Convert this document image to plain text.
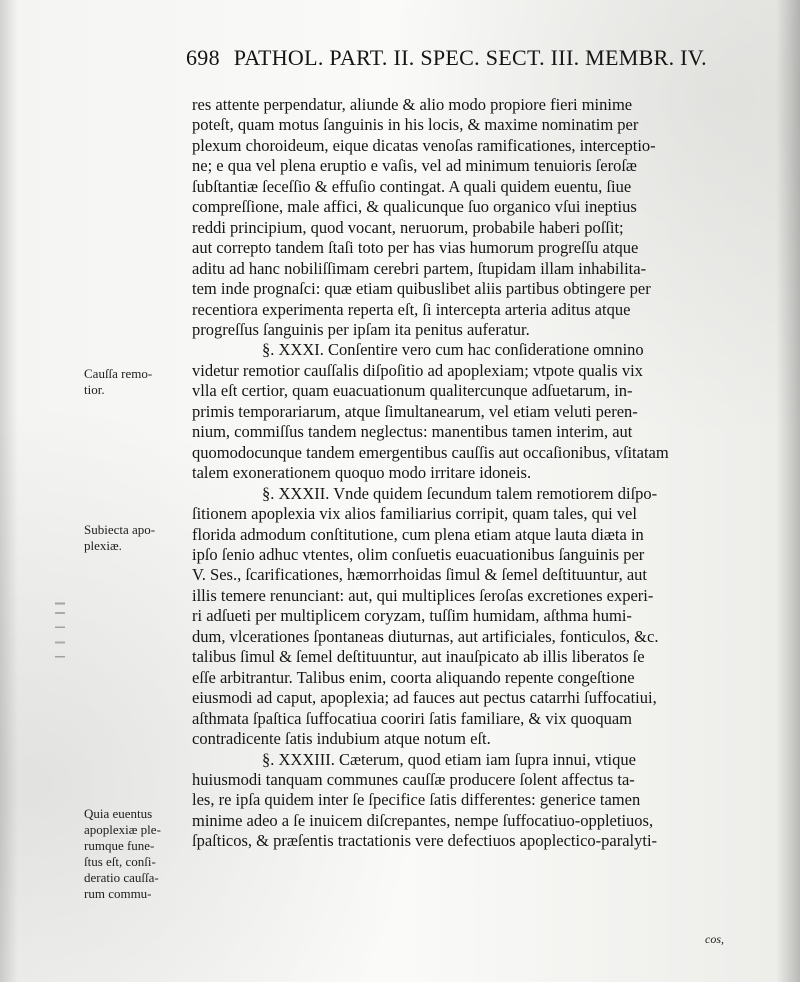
698 PATHOL. PART. II. SPEC. SECT. III. MEMBR. IV.
Cauſſa remo-
tior.
Subiecta apo-
plexiæ.
Quia euentus
apoplexiæ ple-
rumque fune-
ſtus eſt, conſi-
deratio cauſſa-
rum commu-
res attente perpendatur, aliunde & alio modo propiore fieri minime
poteſt, quam motus ſanguinis in his locis, & maxime nominatim per
plexum choroideum, eique dicatas venoſas ramificationes, interceptio-
ne; e qua vel plena eruptio e vaſis, vel ad minimum tenuioris ſeroſæ
ſubſtantiæ ſeceſſio & effuſio contingat. A quali quidem euentu, ſiue
compreſſione, male affici, & qualicunque ſuo organico vſui ineptius
reddi principium, quod vocant, neruorum, probabile haberi poſſit;
aut correpto tandem ſtaſi toto per has vias humorum progreſſu atque
aditu ad hanc nobiliſſimam cerebri partem, ſtupidam illam inhabilita-
tem inde prognaſci: quæ etiam quibuslibet aliis partibus obtingere per
recentiora experimenta reperta eſt, ſi intercepta arteria aditus atque
progreſſus ſanguinis per ipſam ita penitus auferatur.
§. XXXI. Conſentire vero cum hac conſideratione omnino
videtur remotior cauſſalis diſpoſitio ad apoplexiam; vtpote qualis vix
vlla eſt certior, quam euacuationum qualitercunque adſuetarum, in-
primis temporariarum, atque ſimultanearum, vel etiam veluti peren-
nium, commiſſus tandem neglectus: manentibus tamen interim, aut
quomodocunque tandem emergentibus cauſſis aut occaſionibus, vſitatam
talem exonerationem quoquo modo irritare idoneis.
§. XXXII. Vnde quidem ſecundum talem remotiorem diſpo-
ſitionem apoplexia vix alios familiarius corripit, quam tales, qui vel
florida admodum conſtitutione, cum plena etiam atque lauta diæta in
ipſo ſenio adhuc vtentes, olim conſuetis euacuationibus ſanguinis per
V. Ses., ſcarificationes, hæmorrhoidas ſimul & ſemel deſtituuntur, aut
illis temere renunciant: aut, qui multiplices ſeroſas excretiones experi-
ri adſueti per multiplicem coryzam, tuſſim humidam, aſthma humi-
dum, vlcerationes ſpontaneas diuturnas, aut artificiales, fonticulos, &c.
talibus ſimul & ſemel deſtituuntur, aut inauſpicato ab illis liberatos ſe
eſſe arbitrantur. Talibus enim, coorta aliquando repente congeſtione
eiusmodi ad caput, apoplexia; ad fauces aut pectus catarrhi ſuffocatiui,
aſthmata ſpaſtica ſuffocatiua cooriri ſatis familiare, & vix quoquam
contradicente ſatis indubium atque notum eſt.
§. XXXIII. Cæterum, quod etiam iam ſupra innui, vtique
huiusmodi tanquam communes cauſſæ producere ſolent affectus ta-
les, re ipſa quidem inter ſe ſpecifice ſatis differentes: generice tamen
minime adeo a ſe inuicem diſcrepantes, nempe ſuffocatiuo-oppletiuos,
ſpaſticos, & præſentis tractationis vere defectiuos apoplectico-paralyti-
cos,
